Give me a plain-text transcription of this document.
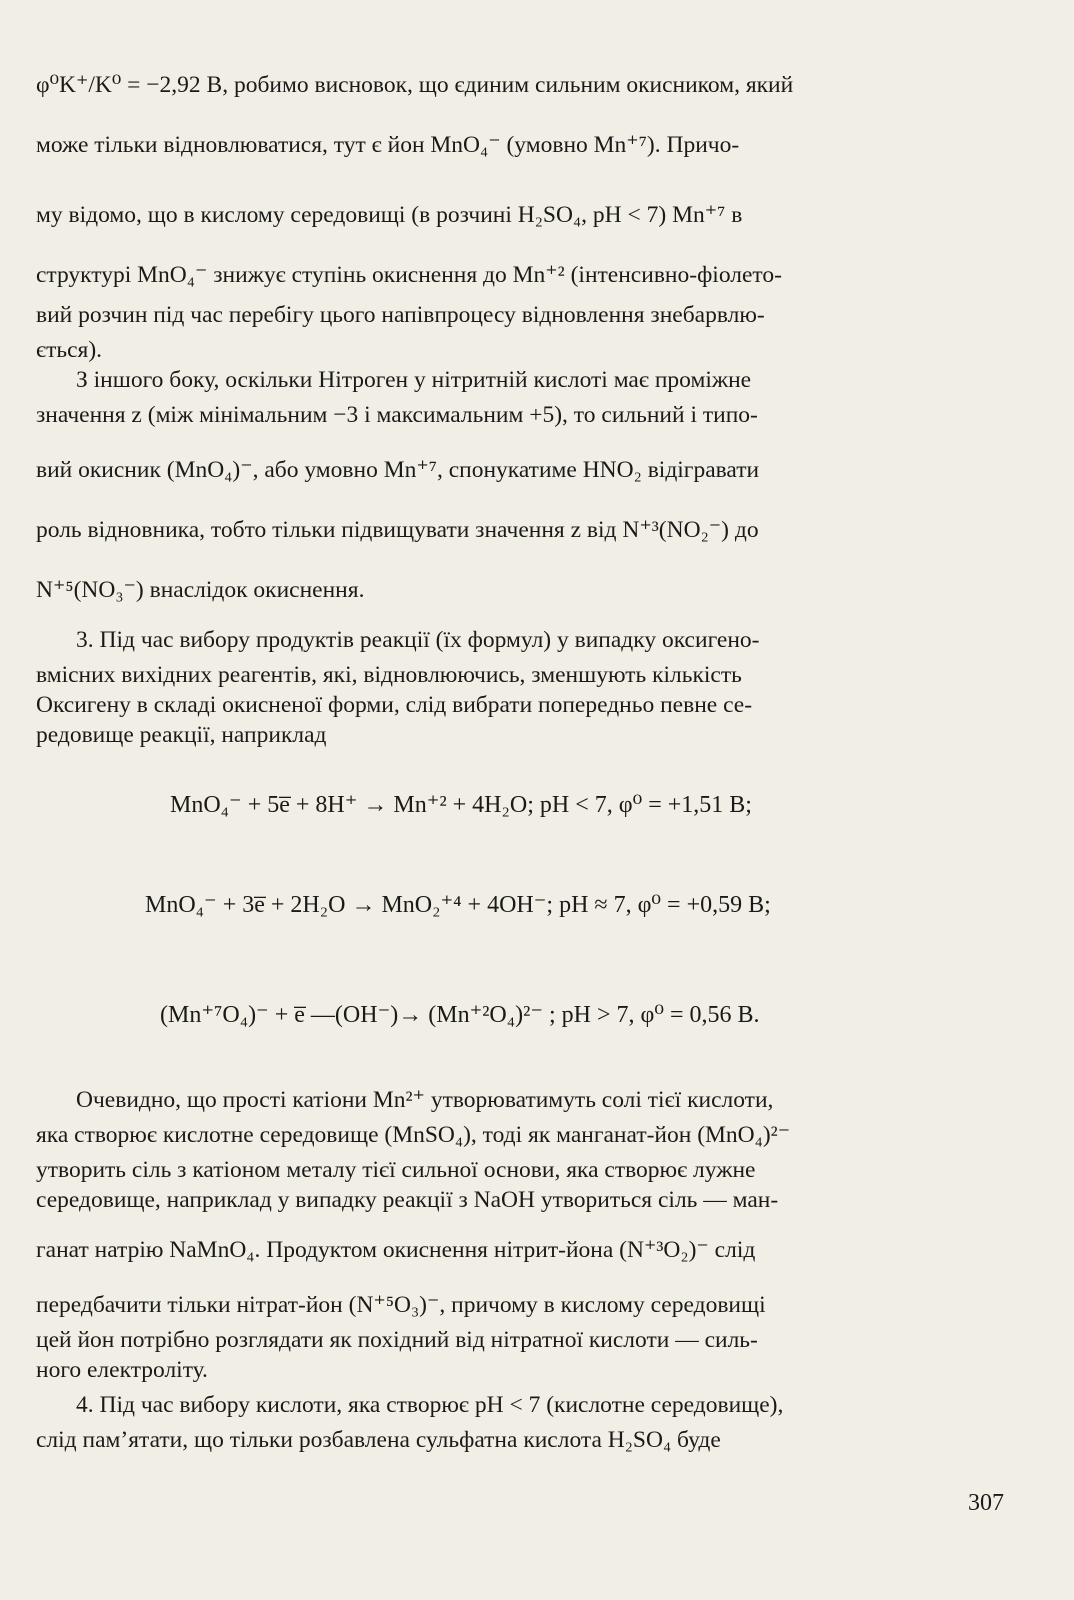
φ⁰K⁺/K⁰ = −2,92 В, робимо висновок, що єдиним сильним окисником, який
може тільки відновлюватися, тут є йон MnO₄⁻ (умовно Mn⁺⁷). Причо-
му відомо, що в кислому середовищі (в розчині H₂SO₄, pH < 7) Mn⁺⁷ в
структурі MnO₄⁻ знижує ступінь окиснення до Mn⁺² (інтенсивно-фіолето-
вий розчин під час перебігу цього напівпроцесу відновлення знебарвлю-
ється).
З іншого боку, оскільки Нітроген у нітритній кислоті має проміжне
значення z (між мінімальним −3 і максимальним +5), то сильний і типо-
вий окисник (MnO₄)⁻, або умовно Mn⁺⁷, спонукатиме HNO₂ відігравати
роль відновника, тобто тільки підвищувати значення z від N⁺³(NO₂⁻) до
N⁺⁵(NO₃⁻) внаслідок окиснення.
3. Під час вибору продуктів реакції (їх формул) у випадку оксигено-
вмісних вихідних реагентів, які, відновлюючись, зменшують кількість
Оксигену в складі окисненої форми, слід вибрати попередньо певне се-
редовище реакції, наприклад
MnO₄⁻ + 5e̅ + 8H⁺ → Mn⁺² + 4H₂O; pH < 7, φ⁰ = +1,51 В;
MnO₄⁻ + 3e̅ + 2H₂O → MnO₂⁺⁴ + 4OH⁻; pH ≈ 7, φ⁰ = +0,59 В;
(Mn⁺⁷O₄)⁻ + e̅ —(OH⁻)→ (Mn⁺²O₄)²⁻ ; pH > 7, φ⁰ = 0,56 В.
Очевидно, що прості катіони Mn²⁺ утворюватимуть солі тієї кислоти,
яка створює кислотне середовище (MnSO₄), тоді як манганат-йон (MnO₄)²⁻
утворить сіль з катіоном металу тієї сильної основи, яка створює лужне
середовище, наприклад у випадку реакції з NaOH утвориться сіль — ман-
ганат натрію NaMnO₄. Продуктом окиснення нітрит-йона (N⁺³O₂)⁻ слід
передбачити тільки нітрат-йон (N⁺⁵O₃)⁻, причому в кислому середовищі
цей йон потрібно розглядати як похідний від нітратної кислоти — силь-
ного електроліту.
4. Під час вибору кислоти, яка створює pH < 7 (кислотне середовище),
слід пам’ятати, що тільки розбавлена сульфатна кислота H₂SO₄ буде
307
